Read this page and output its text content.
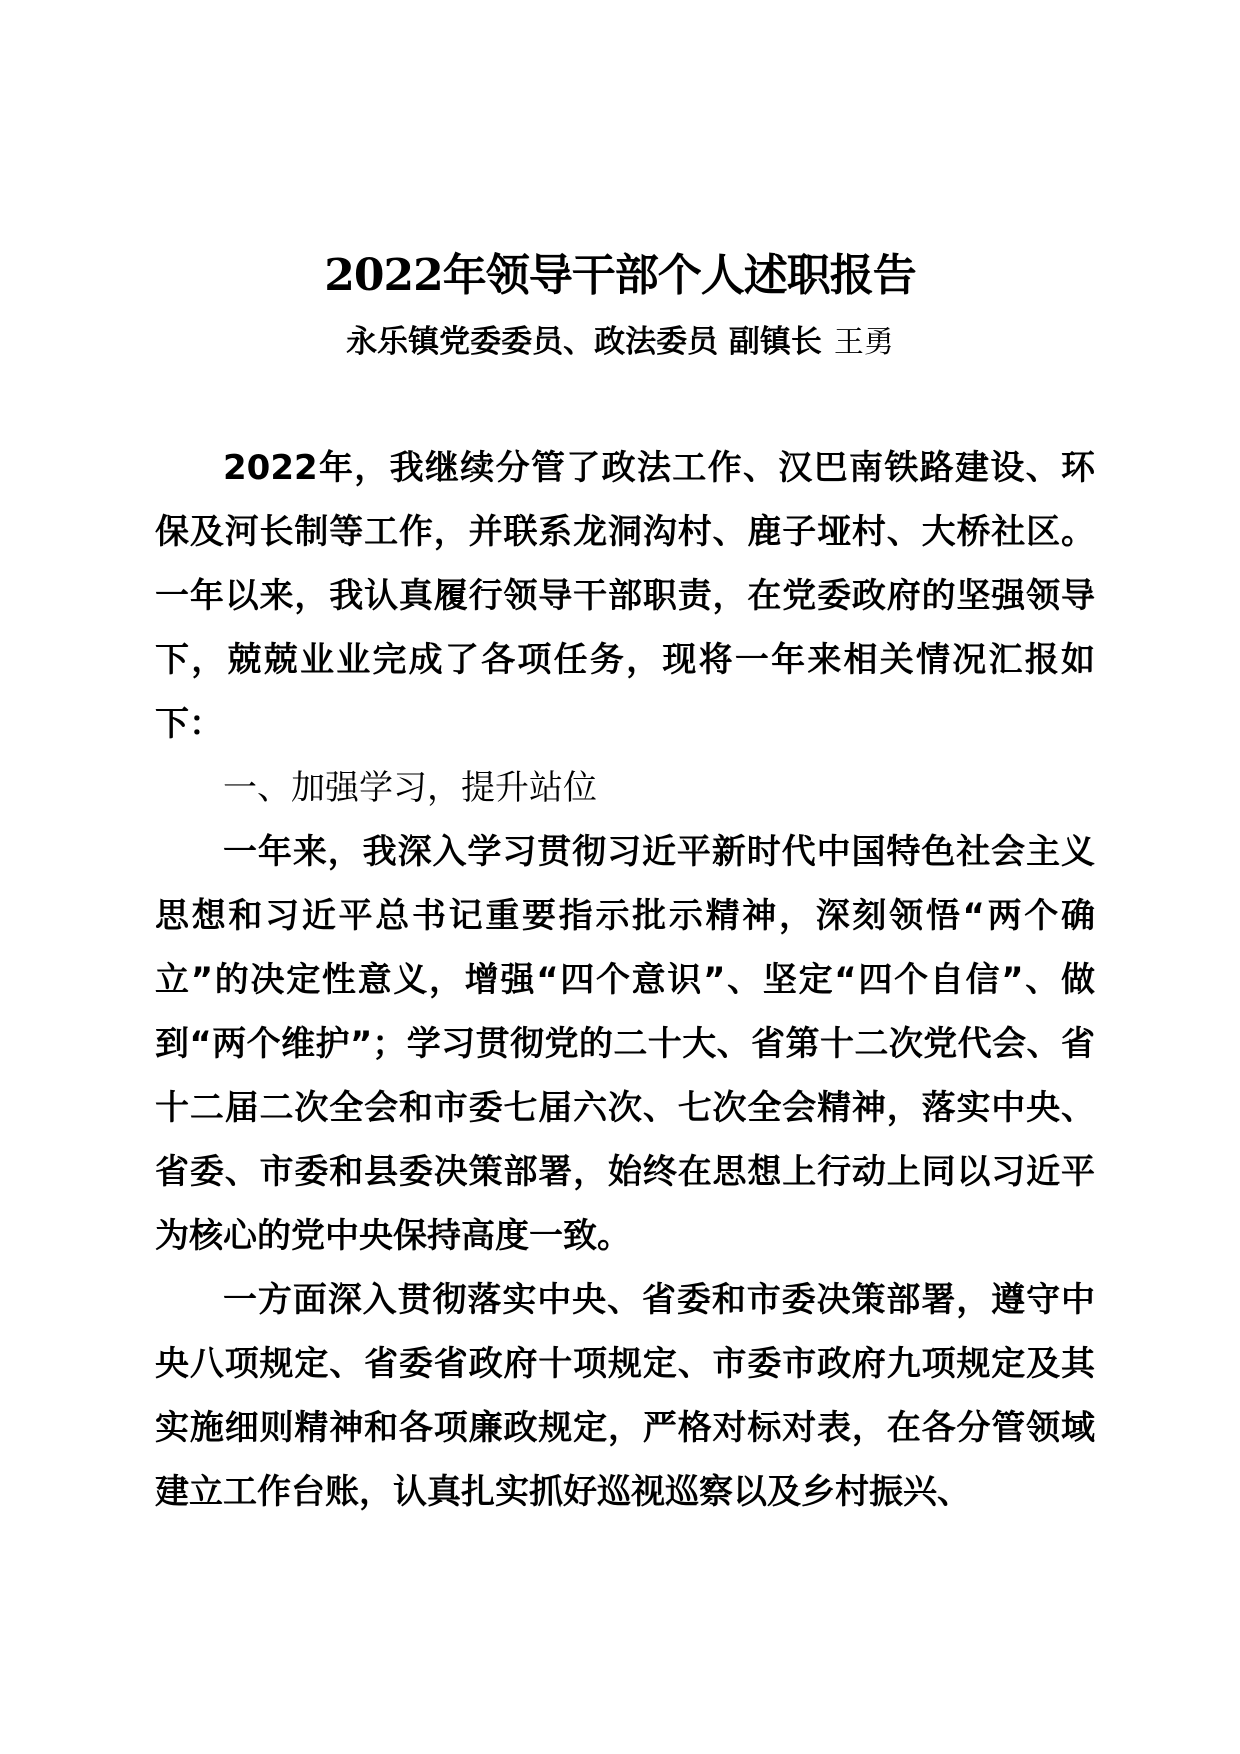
2022年领导干部个人述职报告
永乐镇党委委员、政法委员 副镇长 王勇

2022年，我继续分管了政法工作、汉巴南铁路建设、环保及河长制等工作，并联系龙洞沟村、鹿子垭村、大桥社区。一年以来，我认真履行领导干部职责，在党委政府的坚强领导下，兢兢业业完成了各项任务，现将一年来相关情况汇报如下：

一、加强学习，提升站位

一年来，我深入学习贯彻习近平新时代中国特色社会主义思想和习近平总书记重要指示批示精神，深刻领悟“两个确立”的决定性意义，增强“四个意识”、坚定“四个自信”、做到“两个维护”；学习贯彻党的二十大、省第十二次党代会、省十二届二次全会和市委七届六次、七次全会精神，落实中央、省委、市委和县委决策部署，始终在思想上行动上同以习近平为核心的党中央保持高度一致。

一方面深入贯彻落实中央、省委和市委决策部署，遵守中央八项规定、省委省政府十项规定、市委市政府九项规定及其实施细则精神和各项廉政规定，严格对标对表，在各分管领域建立工作台账，认真扎实抓好巡视巡察以及乡村振兴、
